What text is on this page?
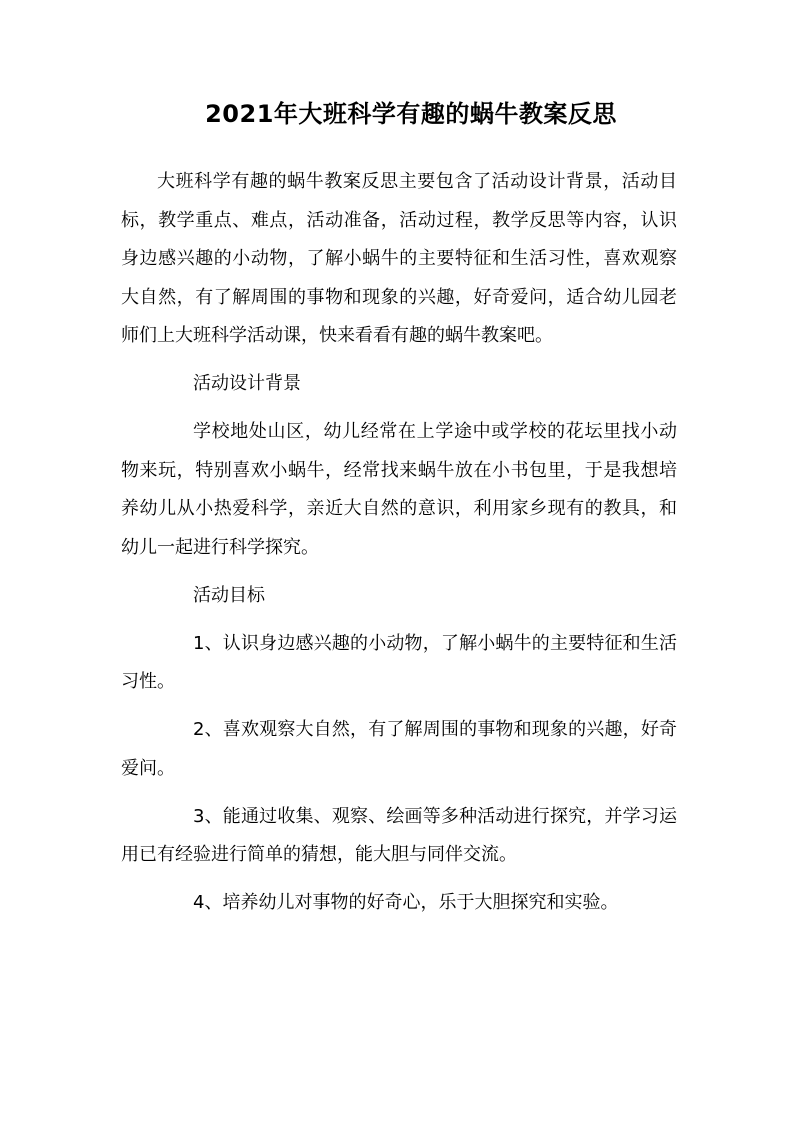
2021年大班科学有趣的蜗牛教案反思

大班科学有趣的蜗牛教案反思主要包含了活动设计背景，活动目标，教学重点、难点，活动准备，活动过程，教学反思等内容，认识身边感兴趣的小动物，了解小蜗牛的主要特征和生活习性，喜欢观察大自然，有了解周围的事物和现象的兴趣，好奇爱问，适合幼儿园老师们上大班科学活动课，快来看看有趣的蜗牛教案吧。

活动设计背景

学校地处山区，幼儿经常在上学途中或学校的花坛里找小动物来玩，特别喜欢小蜗牛，经常找来蜗牛放在小书包里，于是我想培养幼儿从小热爱科学，亲近大自然的意识，利用家乡现有的教具，和幼儿一起进行科学探究。

活动目标

1、认识身边感兴趣的小动物，了解小蜗牛的主要特征和生活习性。

2、喜欢观察大自然，有了解周围的事物和现象的兴趣，好奇爱问。

3、能通过收集、观察、绘画等多种活动进行探究，并学习运用已有经验进行简单的猜想，能大胆与同伴交流。

4、培养幼儿对事物的好奇心，乐于大胆探究和实验。
